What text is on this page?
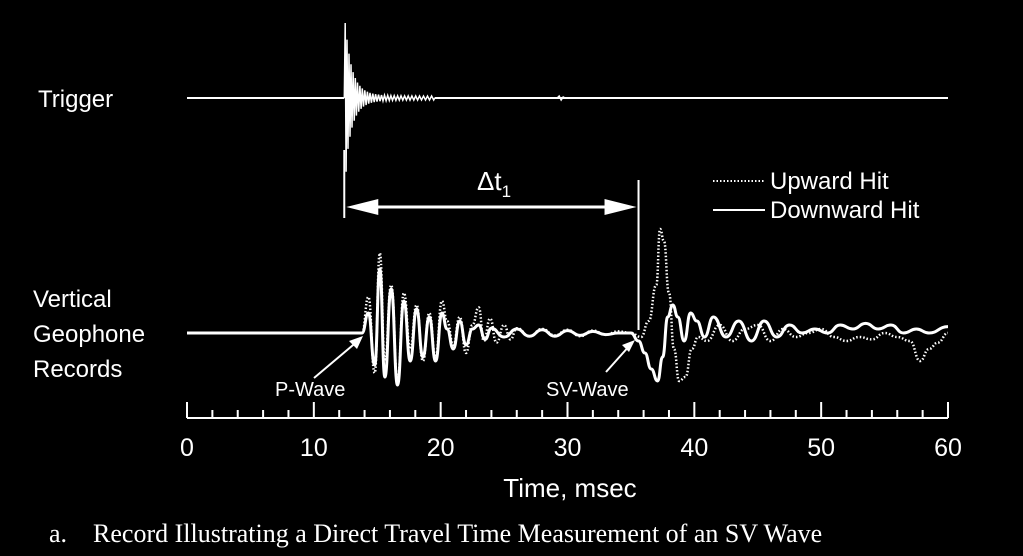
Trigger
Vertical
Geophone
Records
$\Delta t_1$
P-Wave	SV-Wave
Upward Hit
Downward Hit
0	10	20	30	40	50	60
Time, msec
a. Record Illustrating a Direct Travel Time Measurement of an SV Wave
